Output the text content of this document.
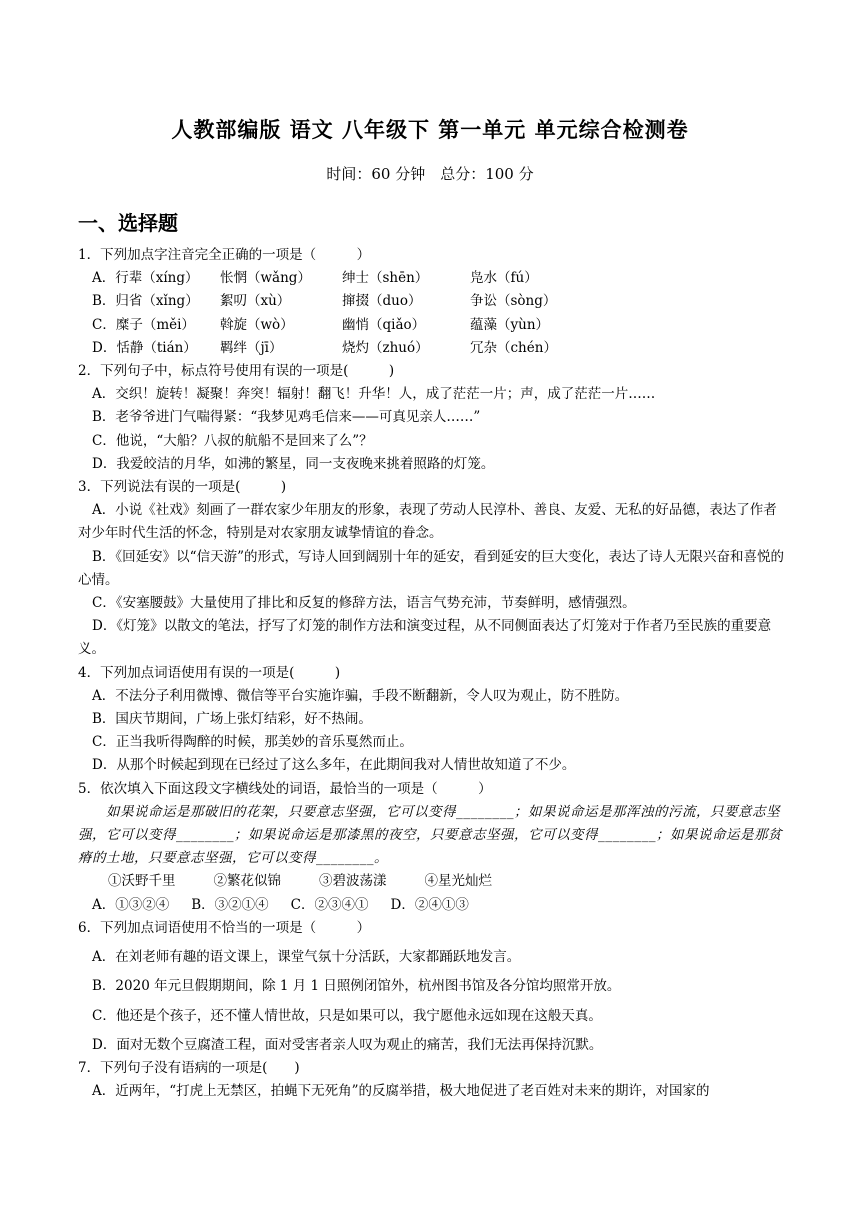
人教部编版 语文 八年级下 第一单元 单元综合检测卷
时间：60 分钟　总分：100 分
一、选择题

1．下列加点字注音完全正确的一项是（　　　）

A．行辈（xíng）	怅惘（wǎng）	绅士（shēn）	凫水（fú）
B．归省（xǐng）	絮叨（xù）	撺掇（duo）	争讼（sòng）
C．糜子（měi）	斡旋（wò）	幽悄（qiǎo）	蕴藻（yùn）
D．恬静（tián）	羁绊（jī）	烧灼（zhuó）	冗杂（chén）

2．下列句子中，标点符号使用有误的一项是(　　　)

A．交织！旋转！凝聚！奔突！辐射！翻飞！升华！人，成了茫茫一片；声，成了茫茫一片……

B．老爷爷进门气喘得紧：“我梦见鸡毛信来——可真见亲人……”

C．他说，“大船？八叔的航船不是回来了么”？

D．我爱皎洁的月华，如沸的繁星，同一支夜晚来挑着照路的灯笼。

3．下列说法有误的一项是(　　　)

A．小说《社戏》刻画了一群农家少年朋友的形象，表现了劳动人民淳朴、善良、友爱、无私的好品德，表达了作者对少年时代生活的怀念，特别是对农家朋友诚挚情谊的眷念。

B．《回延安》以“信天游”的形式，写诗人回到阔别十年的延安，看到延安的巨大变化，表达了诗人无限兴奋和喜悦的心情。

C．《安塞腰鼓》大量使用了排比和反复的修辞方法，语言气势充沛，节奏鲜明，感情强烈。

D．《灯笼》以散文的笔法，抒写了灯笼的制作方法和演变过程，从不同侧面表达了灯笼对于作者乃至民族的重要意义。

4．下列加点词语使用有误的一项是(　　　)

A．不法分子利用微博、微信等平台实施诈骗，手段不断翻新，令人叹为观止，防不胜防。

B．国庆节期间，广场上张灯结彩，好不热闹。

C．正当我听得陶醉的时候，那美妙的音乐戛然而止。

D．从那个时候起到现在已经过了这么多年，在此期间我对人情世故知道了不少。

5．依次填入下面这段文字横线处的词语，最恰当的一项是（　　　）

如果说命运是那破旧的花架，只要意志坚强，它可以变得________；如果说命运是那浑浊的污流，只要意志坚强，它可以变得________；如果说命运是那漆黑的夜空，只要意志坚强，它可以变得________；如果说命运是那贫瘠的土地，只要意志坚强，它可以变得________。

①沃野千里	②繁花似锦	③碧波荡漾	④星光灿烂
A．①③②④ B．③②①④ C．②③④① D．②④①③

6．下列加点词语使用不恰当的一项是（　　　）

A．在刘老师有趣的语文课上，课堂气氛十分活跃，大家都踊跃地发言。

B．2020 年元旦假期期间，除 1 月 1 日照例闭馆外，杭州图书馆及各分馆均照常开放。

C．他还是个孩子，还不懂人情世故，只是如果可以，我宁愿他永远如现在这般天真。

D．面对无数个豆腐渣工程，面对受害者亲人叹为观止的痛苦，我们无法再保持沉默。

7．下列句子没有语病的一项是(　　)

A．近两年，“打虎上无禁区，拍蝇下无死角”的反腐举措，极大地促进了老百姓对未来的期许，对国家的
